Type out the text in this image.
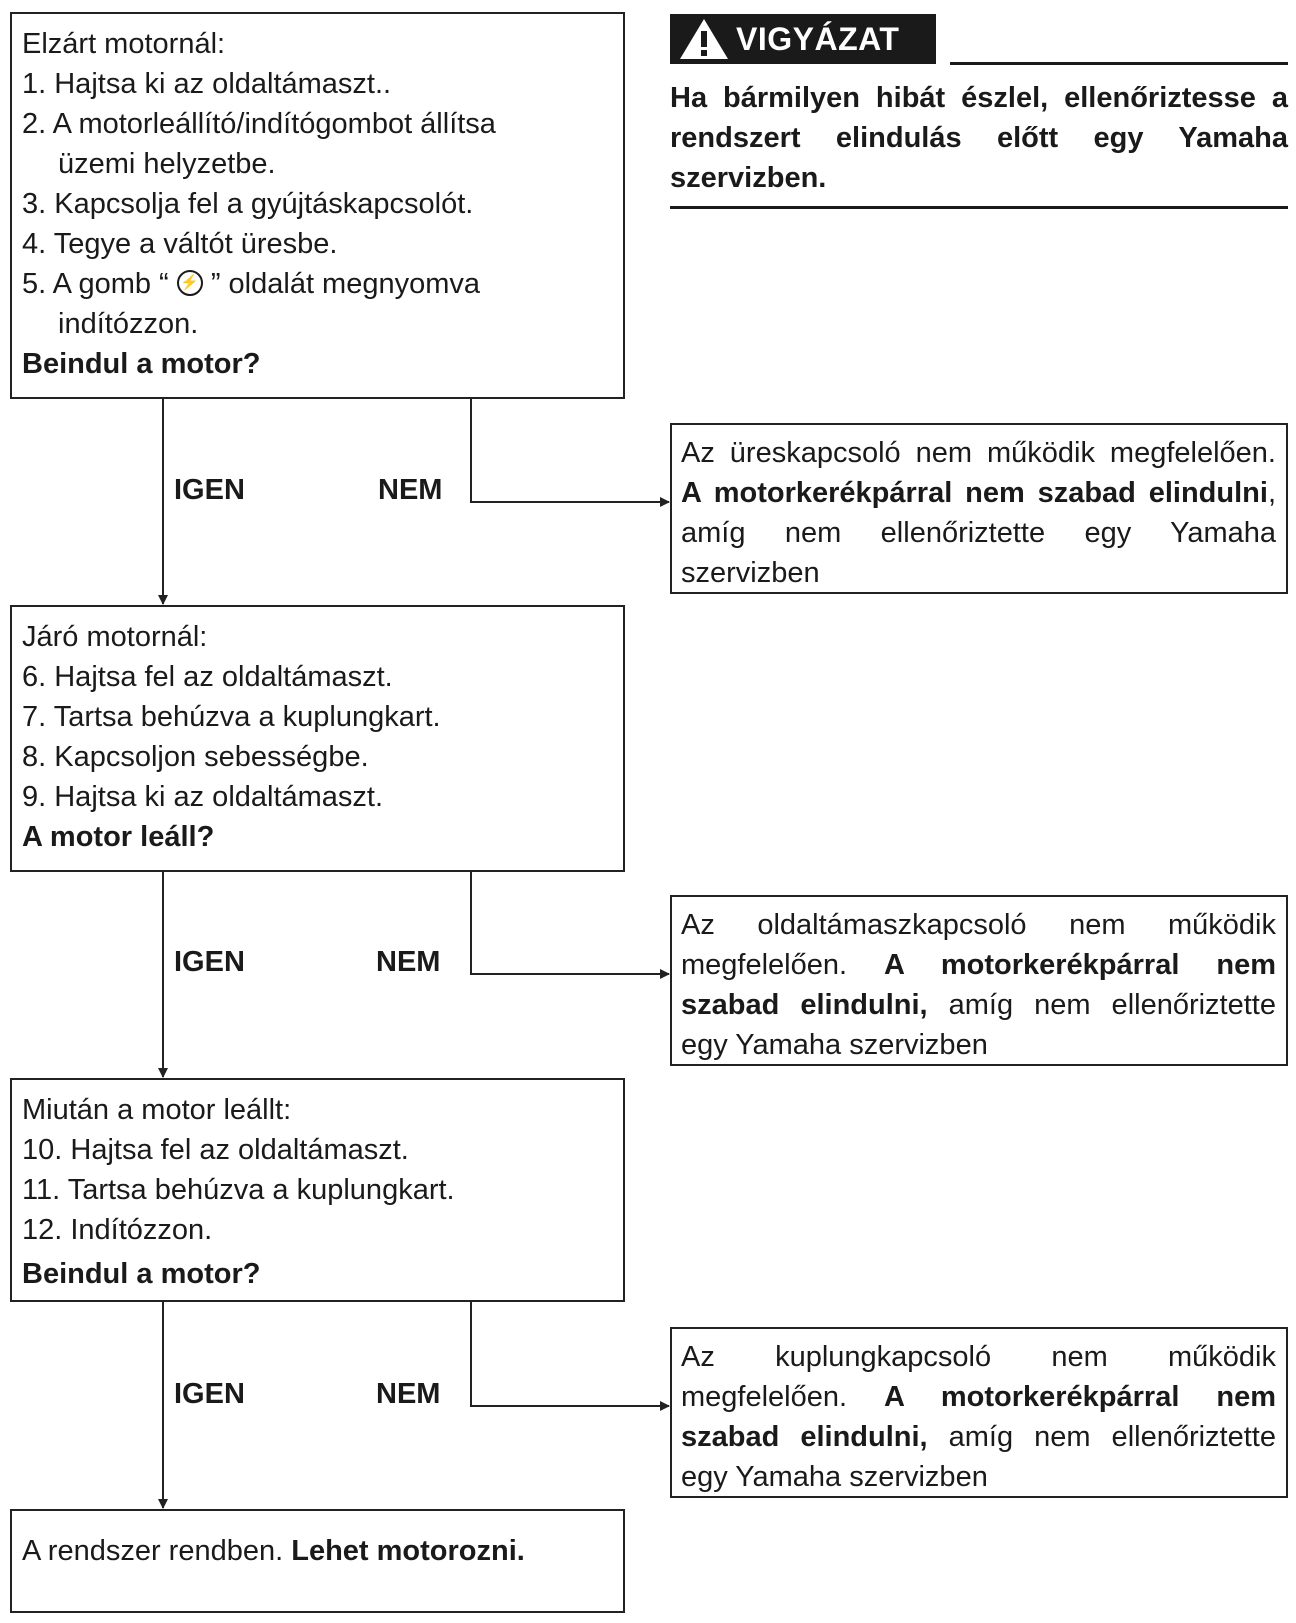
VIGYÁZAT
Ha bármilyen hibát észlel, ellenőriztesse a rendszert elindulás előtt egy Yamaha szervizben.
Elzárt motornál:
1. Hajtsa ki az oldaltámaszt..
2. A motorleállító/indítógombot állítsa
üzemi helyzetbe.
3. Kapcsolja fel a gyújtáskapcsolót.
4. Tegye a váltót üresbe.
5. A gomb “ ⚡ ” oldalát megnyomva
indítózzon.
Beindul a motor?
Járó motornál:
6. Hajtsa fel az oldaltámaszt.
7. Tartsa behúzva a kuplungkart.
8. Kapcsoljon sebességbe.
9. Hajtsa ki az oldaltámaszt.
A motor leáll?
Miután a motor leállt:
10. Hajtsa fel az oldaltámaszt.
11. Tartsa behúzva a kuplungkart.
12. Indítózzon.
Beindul a motor?
A rendszer rendben. Lehet motorozni.
Az üreskapcsoló nem működik megfelelően. A motorkerékpárral nem szabad elindulni, amíg nem ellenőriztette egy Yamaha szervizben
Az oldaltámaszkapcsoló nem működik megfelelően. A motorkerékpárral nem szabad elindulni, amíg nem ellenőriztette egy Yamaha szervizben
Az kuplungkapcsoló nem működik megfelelően. A motorkerékpárral nem szabad elindulni, amíg nem ellenőriztette egy Yamaha szervizben
IGEN	NEM
IGEN	NEM
IGEN	NEM
